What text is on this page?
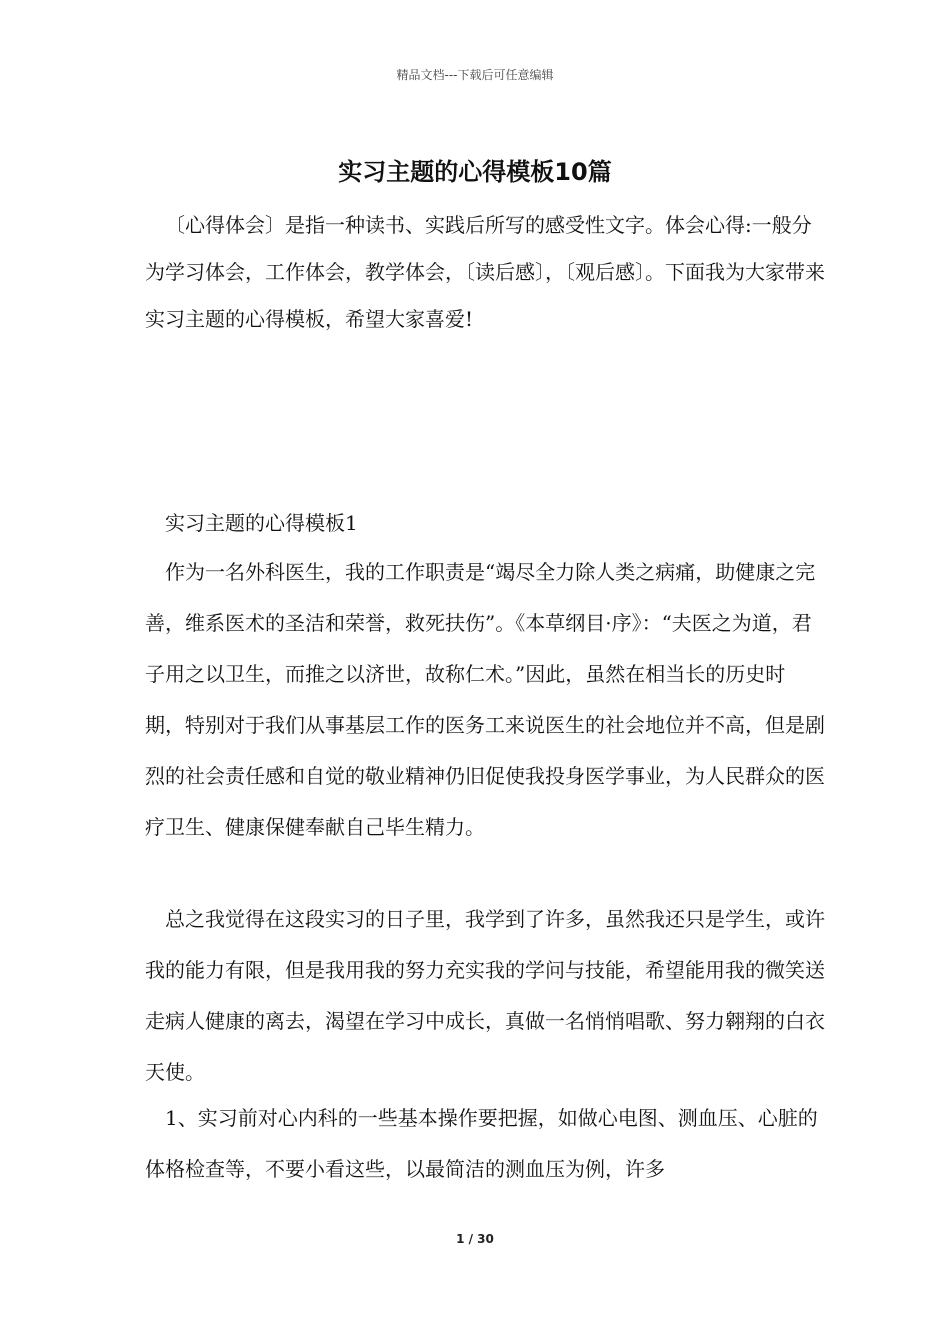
精品文档---下载后可任意编辑
实习主题的心得模板10篇

〔心得体会〕是指一种读书、实践后所写的感受性文字。体会心得:一般分为学习体会，工作体会，教学体会，〔读后感〕，〔观后感〕。下面我为大家带来实习主题的心得模板，希望大家喜爱!

实习主题的心得模板1

作为一名外科医生，我的工作职责是“竭尽全力除人类之病痛，助健康之完善，维系医术的圣洁和荣誉，救死扶伤”。《本草纲目·序》：“夫医之为道，君子用之以卫生，而推之以济世，故称仁术。”因此，虽然在相当长的历史时期，特别对于我们从事基层工作的医务工来说医生的社会地位并不高，但是剧烈的社会责任感和自觉的敬业精神仍旧促使我投身医学事业，为人民群众的医疗卫生、健康保健奉献自己毕生精力。

总之我觉得在这段实习的日子里，我学到了许多，虽然我还只是学生，或许我的能力有限，但是我用我的努力充实我的学问与技能，希望能用我的微笑送走病人健康的离去，渴望在学习中成长，真做一名悄悄唱歌、努力翱翔的白衣天使。

1、实习前对心内科的一些基本操作要把握，如做心电图、测血压、心脏的体格检查等，不要小看这些，以最简洁的测血压为例，许多

1 / 30
